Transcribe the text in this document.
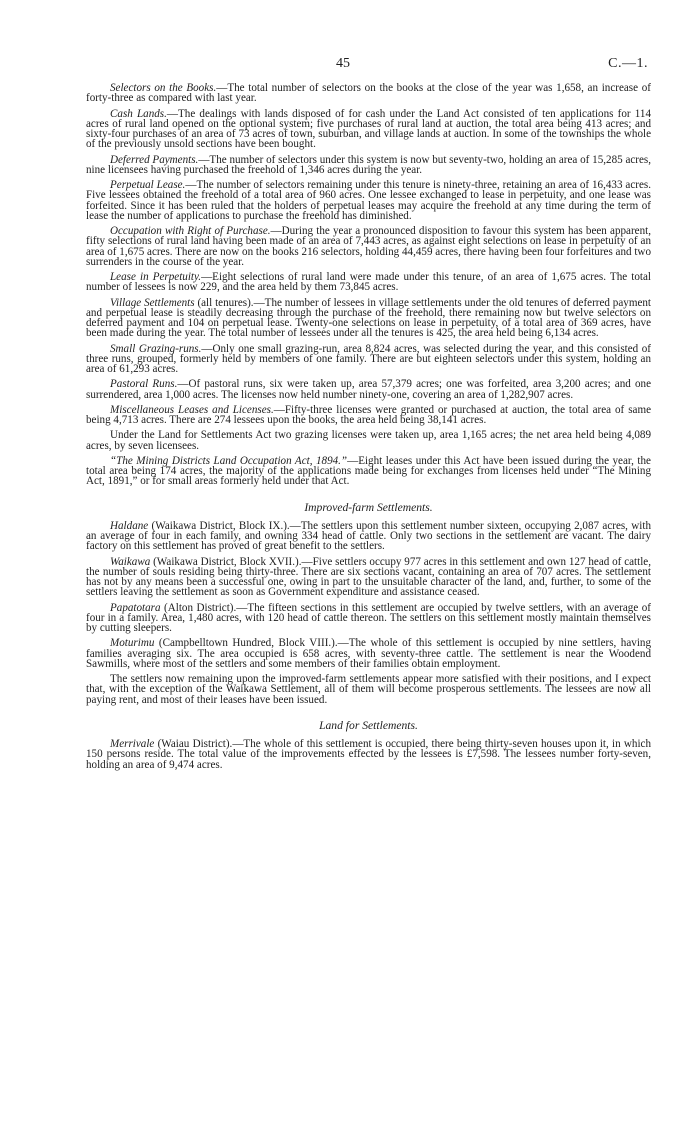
45	C.—1.

Selectors on the Books.—The total number of selectors on the books at the close of the year was 1,658, an increase of forty-three as compared with last year.

Cash Lands.—The dealings with lands disposed of for cash under the Land Act consisted of ten applications for 114 acres of rural land opened on the optional system; five purchases of rural land at auction, the total area being 413 acres; and sixty-four purchases of an area of 73 acres of town, suburban, and village lands at auction. In some of the townships the whole of the previously unsold sections have been bought.

Deferred Payments.—The number of selectors under this system is now but seventy-two, holding an area of 15,285 acres, nine licensees having purchased the freehold of 1,346 acres during the year.

Perpetual Lease.—The number of selectors remaining under this tenure is ninety-three, retaining an area of 16,433 acres. Five lessees obtained the freehold of a total area of 960 acres. One lessee exchanged to lease in perpetuity, and one lease was forfeited. Since it has been ruled that the holders of perpetual leases may acquire the freehold at any time during the term of lease the number of applications to purchase the freehold has diminished.

Occupation with Right of Purchase.—During the year a pronounced disposition to favour this system has been apparent, fifty selections of rural land having been made of an area of 7,443 acres, as against eight selections on lease in perpetuity of an area of 1,675 acres. There are now on the books 216 selectors, holding 44,459 acres, there having been four forfeitures and two surrenders in the course of the year.

Lease in Perpetuity.—Eight selections of rural land were made under this tenure, of an area of 1,675 acres. The total number of lessees is now 229, and the area held by them 73,845 acres.

Village Settlements (all tenures).—The number of lessees in village settlements under the old tenures of deferred payment and perpetual lease is steadily decreasing through the purchase of the freehold, there remaining now but twelve selectors on deferred payment and 104 on perpetual lease. Twenty-one selections on lease in perpetuity, of a total area of 369 acres, have been made during the year. The total number of lessees under all the tenures is 425, the area held being 6,134 acres.

Small Grazing-runs.—Only one small grazing-run, area 8,824 acres, was selected during the year, and this consisted of three runs, grouped, formerly held by members of one family. There are but eighteen selectors under this system, holding an area of 61,293 acres.

Pastoral Runs.—Of pastoral runs, six were taken up, area 57,379 acres; one was forfeited, area 3,200 acres; and one surrendered, area 1,000 acres. The licenses now held number ninety-one, covering an area of 1,282,907 acres.

Miscellaneous Leases and Licenses.—Fifty-three licenses were granted or purchased at auction, the total area of same being 4,713 acres. There are 274 lessees upon the books, the area held being 38,141 acres.

Under the Land for Settlements Act two grazing licenses were taken up, area 1,165 acres; the net area held being 4,089 acres, by seven licensees.

“The Mining Districts Land Occupation Act, 1894.”—Eight leases under this Act have been issued during the year, the total area being 174 acres, the majority of the applications made being for exchanges from licenses held under “The Mining Act, 1891,” or for small areas formerly held under that Act.

Improved-farm Settlements.

Haldane (Waikawa District, Block IX.).—The settlers upon this settlement number sixteen, occupying 2,087 acres, with an average of four in each family, and owning 334 head of cattle. Only two sections in the settlement are vacant. The dairy factory on this settlement has proved of great benefit to the settlers.

Waikawa (Waikawa District, Block XVII.).—Five settlers occupy 977 acres in this settlement and own 127 head of cattle, the number of souls residing being thirty-three. There are six sections vacant, containing an area of 707 acres. The settlement has not by any means been a successful one, owing in part to the unsuitable character of the land, and, further, to some of the settlers leaving the settlement as soon as Government expenditure and assistance ceased.

Papatotara (Alton District).—The fifteen sections in this settlement are occupied by twelve settlers, with an average of four in a family. Area, 1,480 acres, with 120 head of cattle thereon. The settlers on this settlement mostly maintain themselves by cutting sleepers.

Moturimu (Campbelltown Hundred, Block VIII.).—The whole of this settlement is occupied by nine settlers, having families averaging six. The area occupied is 658 acres, with seventy-three cattle. The settlement is near the Woodend Sawmills, where most of the settlers and some members of their families obtain employment.

The settlers now remaining upon the improved-farm settlements appear more satisfied with their positions, and I expect that, with the exception of the Waikawa Settlement, all of them will become prosperous settlements. The lessees are now all paying rent, and most of their leases have been issued.

Land for Settlements.

Merrivale (Waiau District).—The whole of this settlement is occupied, there being thirty-seven houses upon it, in which 150 persons reside. The total value of the improvements effected by the lessees is £7,598. The lessees number forty-seven, holding an area of 9,474 acres.
